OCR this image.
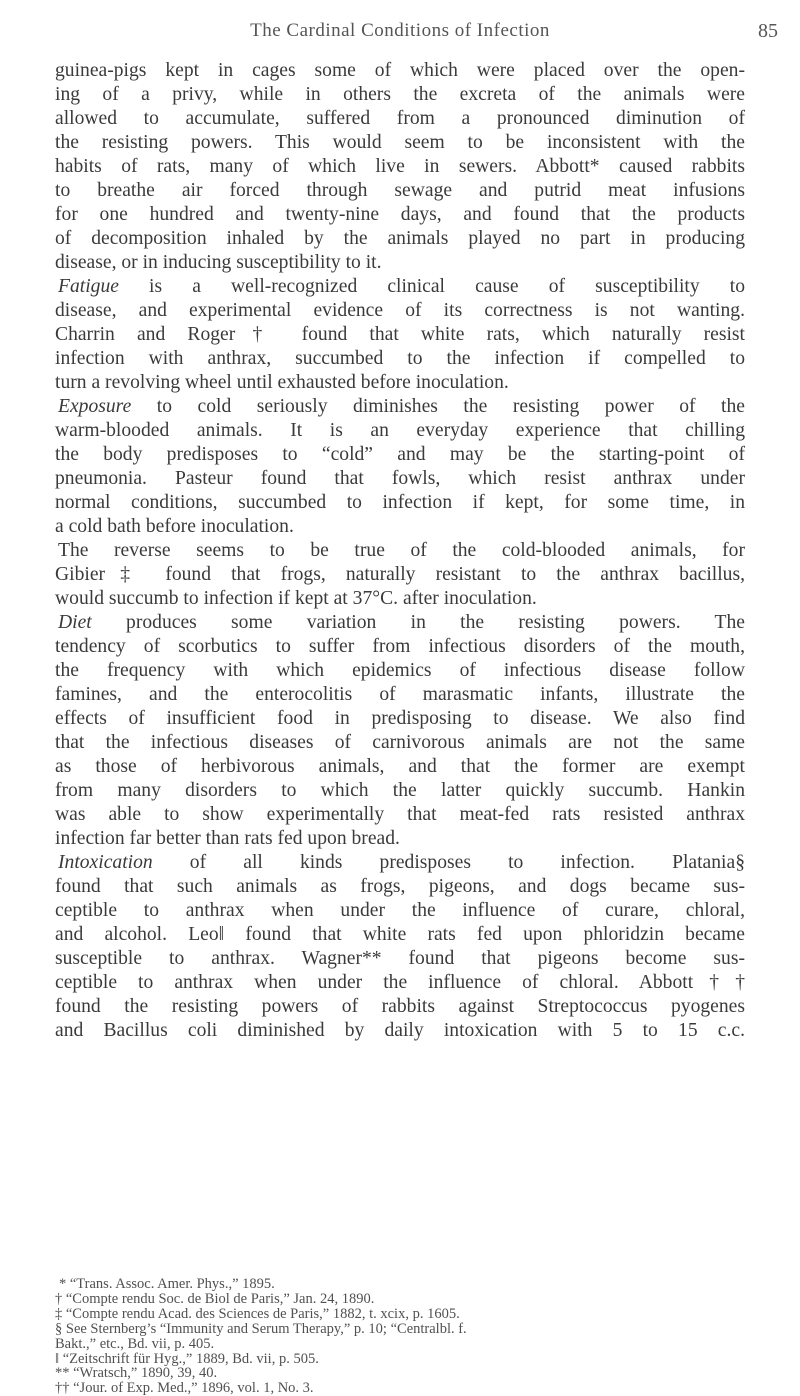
The Cardinal Conditions of Infection	85
guinea-pigs kept in cages some of which were placed over the open-
ing of a privy, while in others the excreta of the animals were
allowed to accumulate, suffered from a pronounced diminution of
the resisting powers. This would seem to be inconsistent with the
habits of rats, many of which live in sewers. Abbott* caused rabbits
to breathe air forced through sewage and putrid meat infusions
for one hundred and twenty-nine days, and found that the products
of decomposition inhaled by the animals played no part in producing
disease, or in inducing susceptibility to it.
Fatigue is a well-recognized clinical cause of susceptibility to
disease, and experimental evidence of its correctness is not wanting.
Charrin and Roger† found that white rats, which naturally resist
infection with anthrax, succumbed to the infection if compelled to
turn a revolving wheel until exhausted before inoculation.
Exposure to cold seriously diminishes the resisting power of the
warm-blooded animals. It is an everyday experience that chilling
the body predisposes to “cold” and may be the starting-point of
pneumonia. Pasteur found that fowls, which resist anthrax under
normal conditions, succumbed to infection if kept, for some time, in
a cold bath before inoculation.
The reverse seems to be true of the cold-blooded animals, for
Gibier‡ found that frogs, naturally resistant to the anthrax bacillus,
would succumb to infection if kept at 37°C. after inoculation.
Diet produces some variation in the resisting powers. The
tendency of scorbutics to suffer from infectious disorders of the mouth,
the frequency with which epidemics of infectious disease follow
famines, and the enterocolitis of marasmatic infants, illustrate the
effects of insufficient food in predisposing to disease. We also find
that the infectious diseases of carnivorous animals are not the same
as those of herbivorous animals, and that the former are exempt
from many disorders to which the latter quickly succumb. Hankin
was able to show experimentally that meat-fed rats resisted anthrax
infection far better than rats fed upon bread.
Intoxication of all kinds predisposes to infection. Platania§
found that such animals as frogs, pigeons, and dogs became sus-
ceptible to anthrax when under the influence of curare, chloral,
and alcohol. Leo‖ found that white rats fed upon phloridzin became
susceptible to anthrax. Wagner** found that pigeons become sus-
ceptible to anthrax when under the influence of chloral. Abbott††
found the resisting powers of rabbits against Streptococcus pyogenes
and Bacillus coli diminished by daily intoxication with 5 to 15 c.c.
* “Trans. Assoc. Amer. Phys.,” 1895.
† “Compte rendu Soc. de Biol de Paris,” Jan. 24, 1890.
‡ “Compte rendu Acad. des Sciences de Paris,” 1882, t. xcix, p. 1605.
§ See Sternberg’s “Immunity and Serum Therapy,” p. 10; “Centralbl. f.
Bakt.,” etc., Bd. vii, p. 405.
‖ “Zeitschrift für Hyg.,” 1889, Bd. vii, p. 505.
** “Wratsch,” 1890, 39, 40.
†† “Jour. of Exp. Med.,” 1896, vol. 1, No. 3.
